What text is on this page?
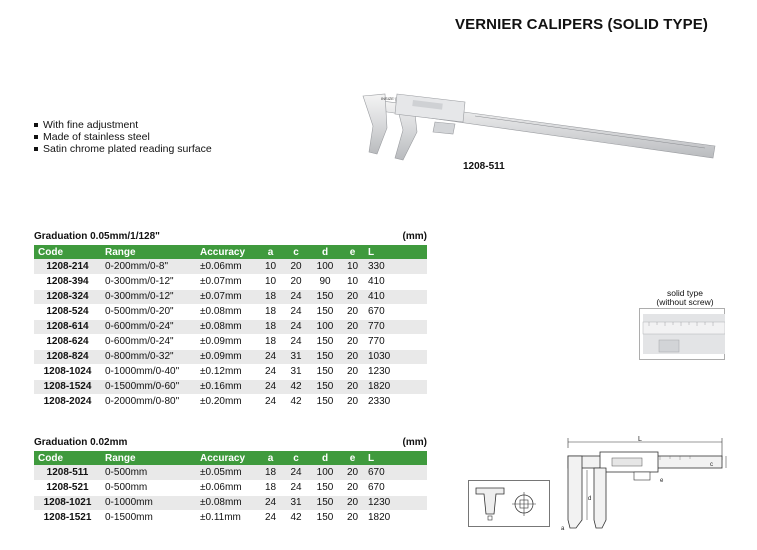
VERNIER CALIPERS (SOLID TYPE)
With fine adjustment
Made of stainless steel
Satin chrome plated reading surface
INSIZE
1208-511
Graduation 0.05mm/1/128"	(mm)
Code	Range	Accuracy	a	c	d	e	L
1208-214	0-200mm/0-8"	±0.06mm	10	20	100	10	330
1208-394	0-300mm/0-12"	±0.07mm	10	20	90	10	410
1208-324	0-300mm/0-12"	±0.07mm	18	24	150	20	410
1208-524	0-500mm/0-20"	±0.08mm	18	24	150	20	670
1208-614	0-600mm/0-24"	±0.08mm	18	24	100	20	770
1208-624	0-600mm/0-24"	±0.09mm	18	24	150	20	770
1208-824	0-800mm/0-32"	±0.09mm	24	31	150	20	1030
1208-1024	0-1000mm/0-40"	±0.12mm	24	31	150	20	1230
1208-1524	0-1500mm/0-60"	±0.16mm	24	42	150	20	1820
1208-2024	0-2000mm/0-80"	±0.20mm	24	42	150	20	2330
solid type
(without screw)
Graduation 0.02mm	(mm)
Code	Range	Accuracy	a	c	d	e	L
1208-511	0-500mm	±0.05mm	18	24	100	20	670
1208-521	0-500mm	±0.06mm	18	24	150	20	670
1208-1021	0-1000mm	±0.08mm	24	31	150	20	1230
1208-1521	0-1500mm	±0.11mm	24	42	150	20	1820
L
c
d
a
e
